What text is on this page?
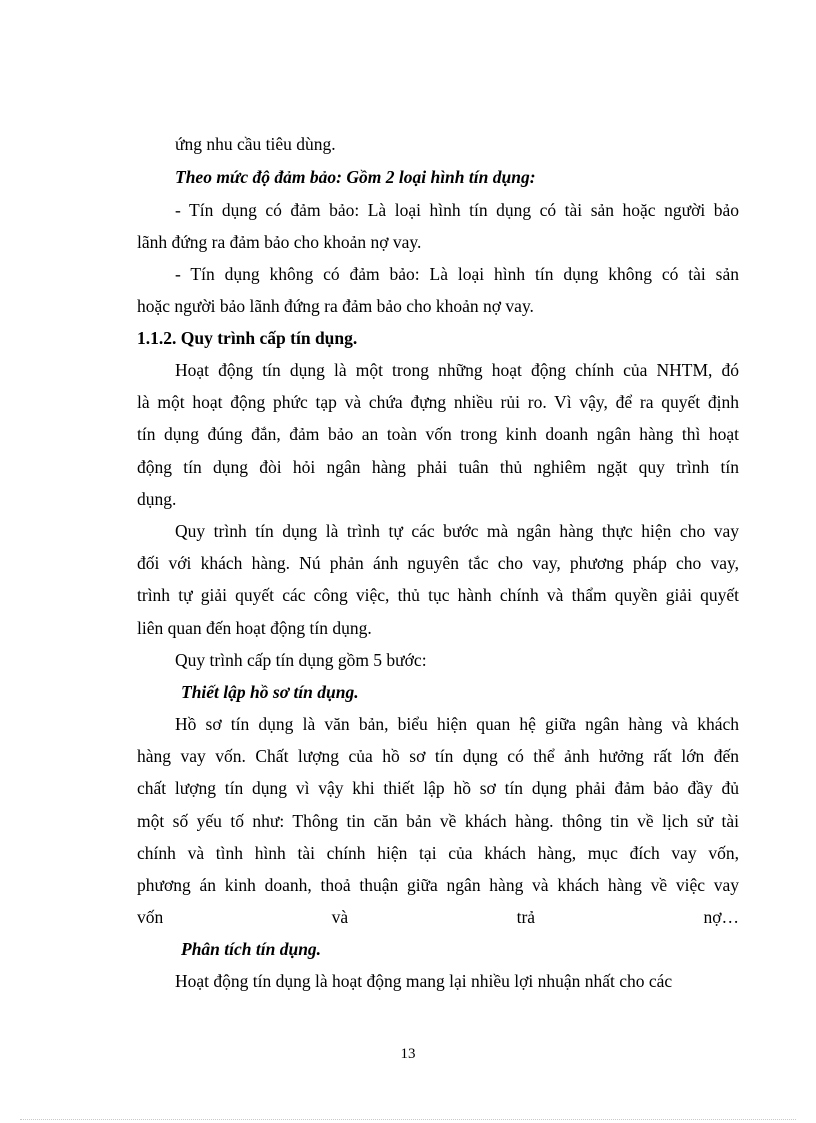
ứng nhu cầu tiêu dùng.
Theo mức độ đảm bảo: Gồm 2 loại hình tín dụng:
- Tín dụng có đảm bảo: Là loại hình tín dụng có tài sản hoặc người bảo
lãnh đứng ra đảm bảo cho khoản nợ vay.
- Tín dụng không có đảm bảo: Là loại hình tín dụng không có tài sản
hoặc người bảo lãnh đứng ra đảm bảo cho khoản nợ vay.
1.1.2. Quy trình cấp tín dụng.
Hoạt động tín dụng là một trong những hoạt động chính của NHTM, đó
là một hoạt động phức tạp và chứa đựng nhiều rủi ro. Vì vậy, để ra quyết định
tín dụng đúng đắn, đảm bảo an toàn vốn trong kinh doanh ngân hàng thì hoạt
động tín dụng đòi hỏi ngân hàng phải tuân thủ nghiêm ngặt quy trình tín
dụng.
Quy trình tín dụng là trình tự các bước mà ngân hàng thực hiện cho vay
đối với khách hàng. Nú phản ánh nguyên tắc cho vay, phương pháp cho vay,
trình tự giải quyết các công việc, thủ tục hành chính và thẩm quyền giải quyết
liên quan đến hoạt động tín dụng.
Quy trình cấp tín dụng gồm 5 bước:
Thiết lập hồ sơ tín dụng.
Hồ sơ tín dụng là văn bản, biểu hiện quan hệ giữa ngân hàng và khách
hàng vay vốn. Chất lượng của hồ sơ tín dụng có thể ảnh hưởng rất lớn đến
chất lượng tín dụng vì vậy khi thiết lập hồ sơ tín dụng phải đảm bảo đầy đủ
một số yếu tố như: Thông tin căn bản về khách hàng. thông tin về lịch sử tài
chính và tình hình tài chính hiện tại của khách hàng, mục đích vay vốn,
phương án kinh doanh, thoả thuận giữa ngân hàng và khách hàng về việc vay
vốn và trả nợ…
Phân tích tín dụng.
Hoạt động tín dụng là hoạt động mang lại nhiều lợi nhuận nhất cho các
13
